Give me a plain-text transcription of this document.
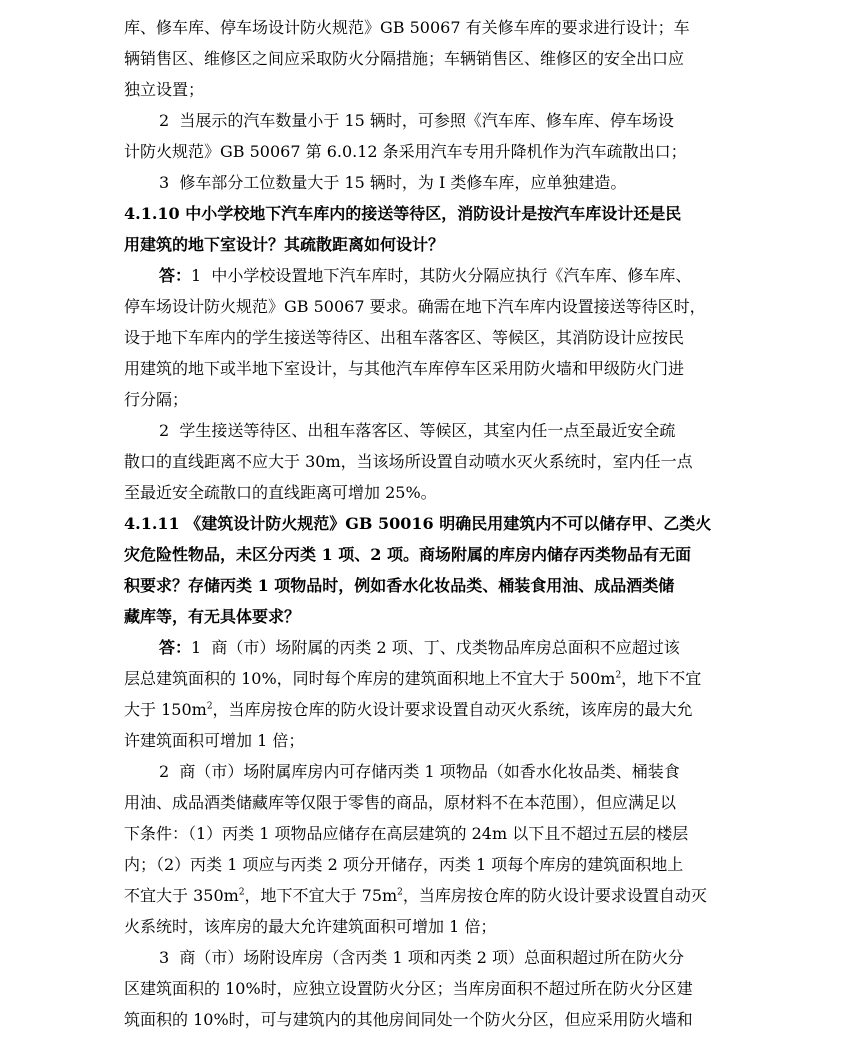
库、修车库、停车场设计防火规范》GB 50067 有关修车库的要求进行设计；车
辆销售区、维修区之间应采取防火分隔措施；车辆销售区、维修区的安全出口应
独立设置；
2  当展示的汽车数量小于 15 辆时，可参照《汽车库、修车库、停车场设
计防火规范》GB 50067 第 6.0.12 条采用汽车专用升降机作为汽车疏散出口；
3  修车部分工位数量大于 15 辆时，为 I 类修车库，应单独建造。
4.1.10 中小学校地下汽车库内的接送等待区，消防设计是按汽车库设计还是民
用建筑的地下室设计？其疏散距离如何设计？
答：1  中小学校设置地下汽车库时，其防火分隔应执行《汽车库、修车库、
停车场设计防火规范》GB 50067 要求。确需在地下汽车库内设置接送等待区时，
设于地下车库内的学生接送等待区、出租车落客区、等候区，其消防设计应按民
用建筑的地下或半地下室设计，与其他汽车库停车区采用防火墙和甲级防火门进
行分隔；
2  学生接送等待区、出租车落客区、等候区，其室内任一点至最近安全疏
散口的直线距离不应大于 30m，当该场所设置自动喷水灭火系统时，室内任一点
至最近安全疏散口的直线距离可增加 25%。
4.1.11 《建筑设计防火规范》GB 50016 明确民用建筑内不可以储存甲、乙类火
灾危险性物品，未区分丙类 1 项、2 项。商场附属的库房内储存丙类物品有无面
积要求？存储丙类 1 项物品时，例如香水化妆品类、桶装食用油、成品酒类储
藏库等，有无具体要求？
答：1  商（市）场附属的丙类 2 项、丁、戊类物品库房总面积不应超过该
层总建筑面积的 10%，同时每个库房的建筑面积地上不宜大于 $500m^2$，地下不宜
大于 $150m^2$，当库房按仓库的防火设计要求设置自动灭火系统，该库房的最大允
许建筑面积可增加 1 倍；
2  商（市）场附属库房内可存储丙类 1 项物品（如香水化妆品类、桶装食
用油、成品酒类储藏库等仅限于零售的商品，原材料不在本范围），但应满足以
下条件：（1）丙类 1 项物品应储存在高层建筑的 24m 以下且不超过五层的楼层
内；（2）丙类 1 项应与丙类 2 项分开储存，丙类 1 项每个库房的建筑面积地上
不宜大于 $350m^2$，地下不宜大于 $75m^2$，当库房按仓库的防火设计要求设置自动灭
火系统时，该库房的最大允许建筑面积可增加 1 倍；
3  商（市）场附设库房（含丙类 1 项和丙类 2 项）总面积超过所在防火分
区建筑面积的 10%时，应独立设置防火分区；当库房面积不超过所在防火分区建
筑面积的 10%时，可与建筑内的其他房间同处一个防火分区，但应采用防火墙和
